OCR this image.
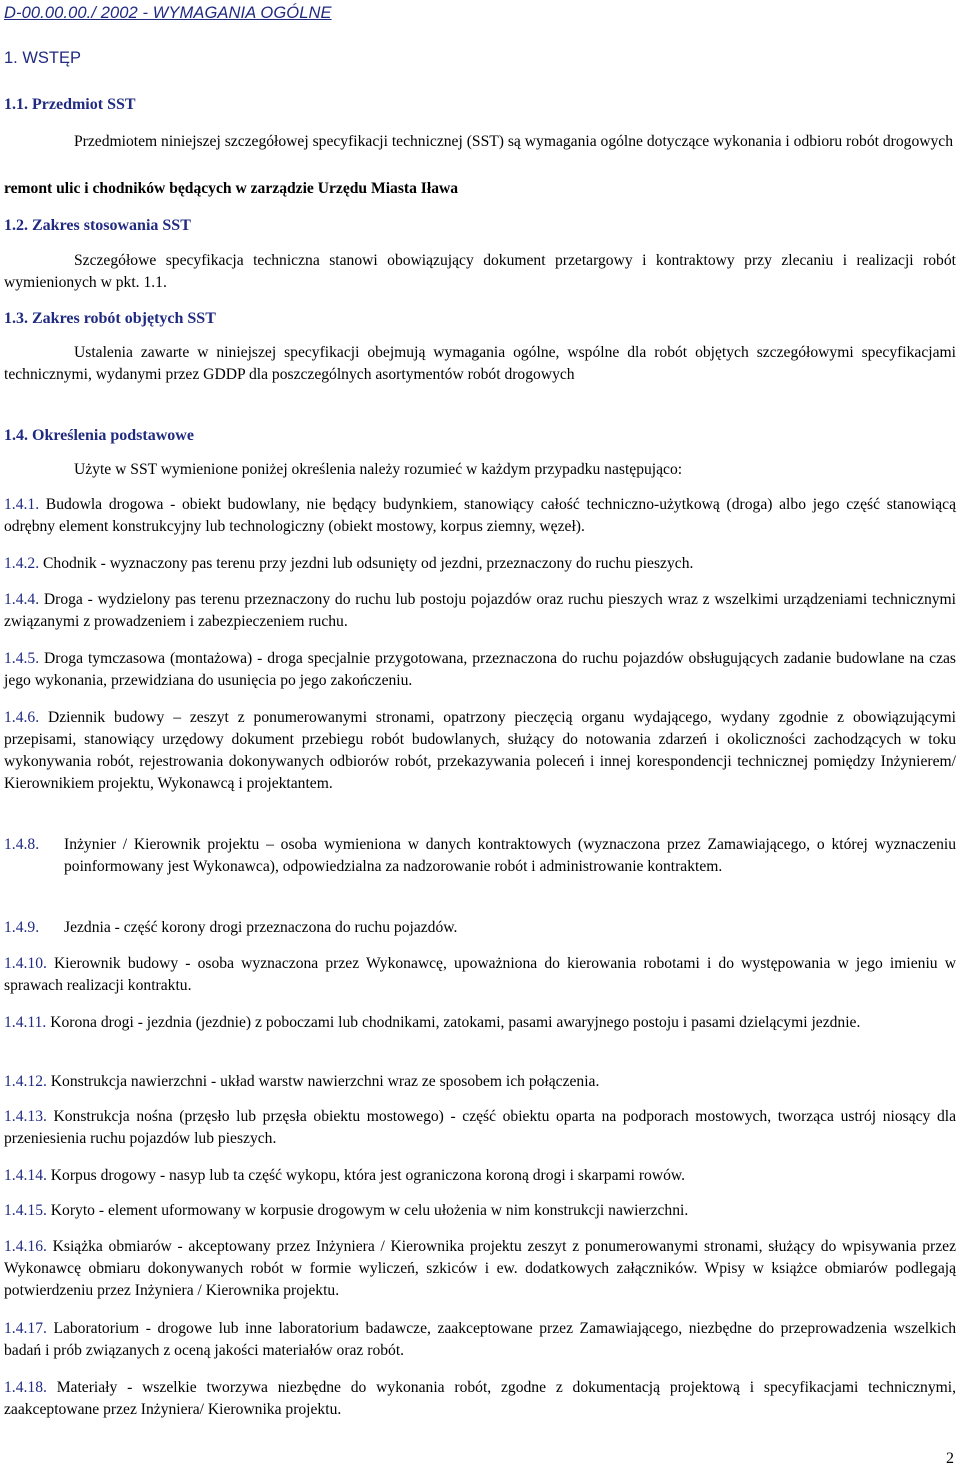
D-00.00.00./ 2002 - WYMAGANIA OGÓLNE
1. WSTĘP
1.1. Przedmiot SST
Przedmiotem niniejszej szczegółowej specyfikacji technicznej (SST) są wymagania ogólne dotyczące wykonania i odbioru robót drogowych
remont ulic i chodników będących w zarządzie Urzędu Miasta Iława
1.2. Zakres stosowania SST
Szczegółowe specyfikacja techniczna stanowi obowiązujący dokument przetargowy i kontraktowy przy zlecaniu i realizacji robót wymienionych w pkt. 1.1.
1.3. Zakres robót objętych SST
Ustalenia zawarte w niniejszej specyfikacji obejmują wymagania ogólne, wspólne dla robót objętych szczegółowymi specyfikacjami technicznymi, wydanymi przez GDDP dla poszczególnych asortymentów robót drogowych
1.4. Określenia podstawowe
Użyte w SST wymienione poniżej określenia należy rozumieć w każdym przypadku następująco:
1.4.1. Budowla drogowa - obiekt budowlany, nie będący budynkiem, stanowiący całość techniczno-użytkową (droga) albo jego część stanowiącą odrębny element konstrukcyjny lub technologiczny (obiekt mostowy, korpus ziemny, węzeł).
1.4.2. Chodnik - wyznaczony pas terenu przy jezdni lub odsunięty od jezdni, przeznaczony do ruchu pieszych.
1.4.4. Droga - wydzielony pas terenu przeznaczony do ruchu lub postoju pojazdów oraz ruchu pieszych wraz z wszelkimi urządzeniami technicznymi związanymi z prowadzeniem i zabezpieczeniem ruchu.
1.4.5. Droga tymczasowa (montażowa) - droga specjalnie przygotowana, przeznaczona do ruchu pojazdów obsługujących zadanie budowlane na czas jego wykonania, przewidziana do usunięcia po jego zakończeniu.
1.4.6. Dziennik budowy – zeszyt z ponumerowanymi stronami, opatrzony pieczęcią organu wydającego, wydany zgodnie z obowiązującymi przepisami, stanowiący urzędowy dokument przebiegu robót budowlanych, służący do notowania zdarzeń i okoliczności zachodzących w toku wykonywania robót, rejestrowania dokonywanych odbiorów robót, przekazywania poleceń i innej korespondencji technicznej pomiędzy Inżynierem/ Kierownikiem projektu, Wykonawcą i projektantem.
1.4.8.	Inżynier / Kierownik projektu – osoba wymieniona w danych kontraktowych (wyznaczona przez Zamawiającego, o której wyznaczeniu poinformowany jest Wykonawca), odpowiedzialna za nadzorowanie robót i administrowanie kontraktem.
1.4.9.	Jezdnia - część korony drogi przeznaczona do ruchu pojazdów.
1.4.10. Kierownik budowy - osoba wyznaczona przez Wykonawcę, upoważniona do kierowania robotami i do występowania w jego imieniu w sprawach realizacji kontraktu.
1.4.11. Korona drogi - jezdnia (jezdnie) z poboczami lub chodnikami, zatokami, pasami awaryjnego postoju i pasami dzielącymi jezdnie.
1.4.12. Konstrukcja nawierzchni - układ warstw nawierzchni wraz ze sposobem ich połączenia.
1.4.13. Konstrukcja nośna (przęsło lub przęsła obiektu mostowego) - część obiektu oparta na podporach mostowych, tworząca ustrój niosący dla przeniesienia ruchu pojazdów lub pieszych.
1.4.14. Korpus drogowy - nasyp lub ta część wykopu, która jest ograniczona koroną drogi i skarpami rowów.
1.4.15. Koryto - element uformowany w korpusie drogowym w celu ułożenia w nim konstrukcji nawierzchni.
1.4.16. Książka obmiarów - akceptowany przez Inżyniera / Kierownika projektu zeszyt z ponumerowanymi stronami, służący do wpisywania przez Wykonawcę obmiaru dokonywanych robót w formie wyliczeń, szkiców i ew. dodatkowych załączników. Wpisy w książce obmiarów podlegają potwierdzeniu przez Inżyniera / Kierownika projektu.
1.4.17. Laboratorium - drogowe lub inne laboratorium badawcze, zaakceptowane przez Zamawiającego, niezbędne do przeprowadzenia wszelkich badań i prób związanych z oceną jakości materiałów oraz robót.
1.4.18. Materiały - wszelkie tworzywa niezbędne do wykonania robót, zgodne z dokumentacją projektową i specyfikacjami technicznymi, zaakceptowane przez Inżyniera/ Kierownika projektu.
2
